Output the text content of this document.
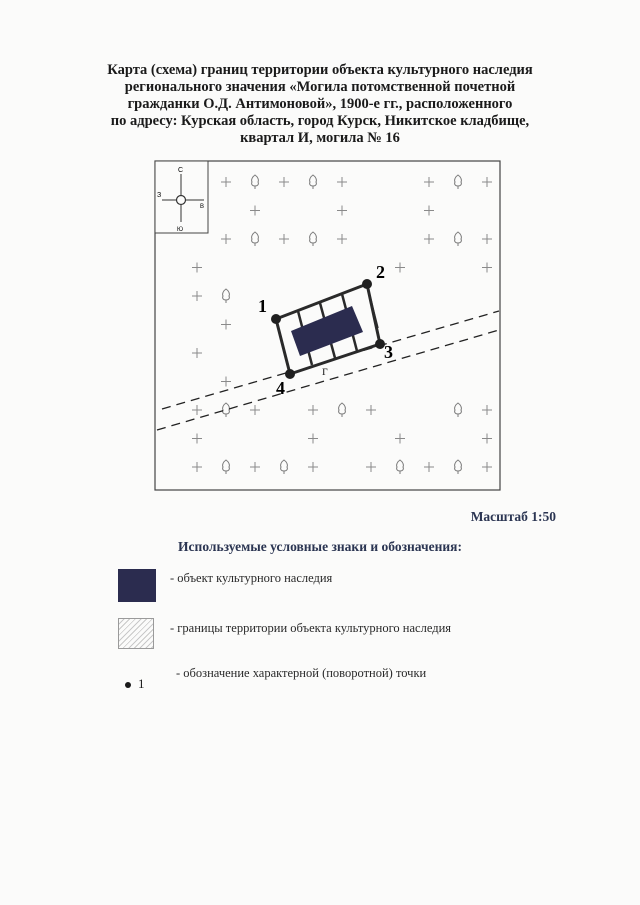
Карта (схема) границ территории объекта культурного наследия
регионального значения «Могила потомственной почетной
гражданки О.Д. Антимоновой», 1900-е гг., расположенного
по адресу: Курская область, город Курск, Никитское кладбище,
квартал И, могила № 16
С
З
В
Ю
1
2
3
4
г
Масштаб 1:50
Используемые условные знаки и обозначения:
- объект культурного наследия
- границы территории объекта культурного наследия
1
- обозначение характерной (поворотной) точки
